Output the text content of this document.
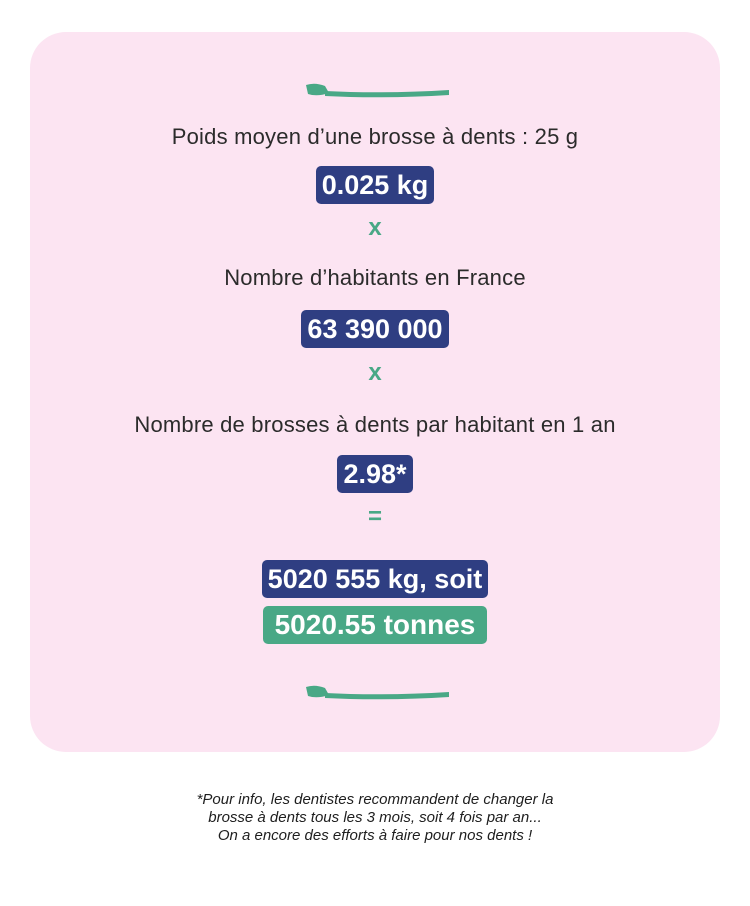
Poids moyen d’une brosse à dents : 25 g
0.025 kg
x
Nombre d’habitants en France
63 390 000
x
Nombre de brosses à dents par habitant en 1 an
2.98*
=
5020 555 kg, soit
5020.55 tonnes
*Pour info, les dentistes recommandent de changer la
brosse à dents tous les 3 mois, soit 4 fois par an...
On a encore des efforts à faire pour nos dents !
